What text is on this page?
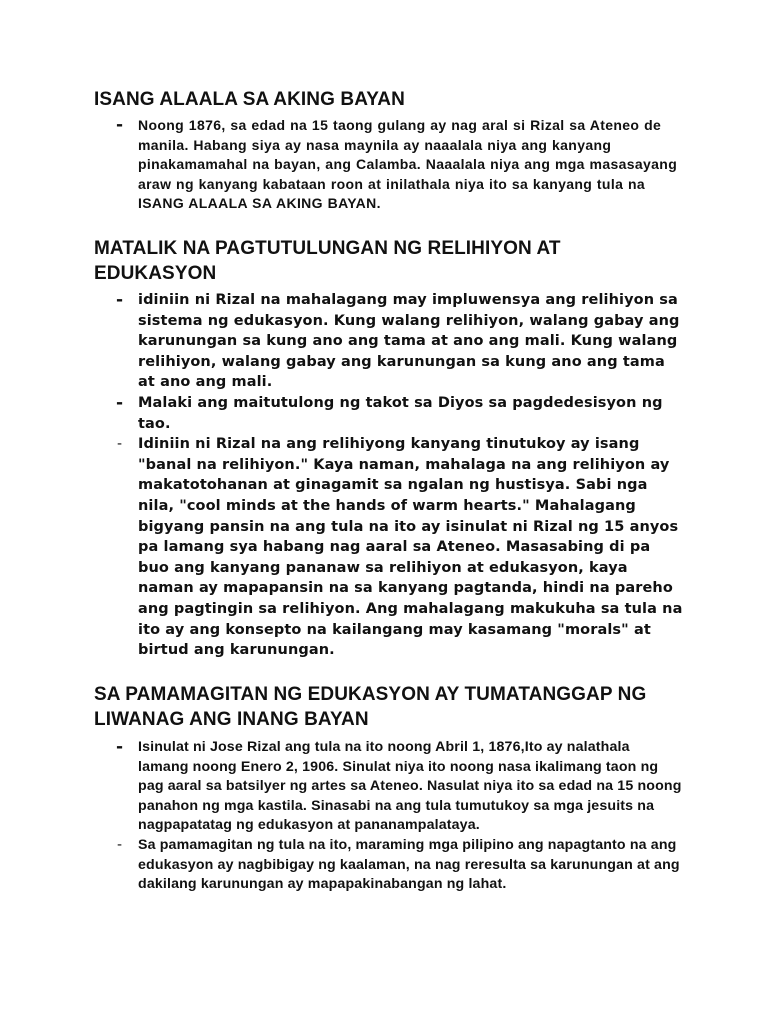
ISANG ALAALA SA AKING BAYAN
- Noong 1876, sa edad na 15 taong gulang ay nag aral si Rizal sa Ateneo de manila. Habang siya ay nasa maynila ay naaalala niya ang kanyang pinakamamahal na bayan, ang Calamba. Naaalala niya ang mga masasayang araw ng kanyang kabataan roon at inilathala niya ito sa kanyang tula na ISANG ALAALA SA AKING BAYAN.
MATALIK NA PAGTUTULUNGAN NG RELIHIYON AT EDUKASYON
- idiniin ni Rizal na mahalagang may impluwensya ang relihiyon sa sistema ng edukasyon. Kung walang relihiyon, walang gabay ang karunungan sa kung ano ang tama at ano ang mali. Kung walang relihiyon, walang gabay ang karunungan sa kung ano ang tama at ano ang mali.
- Malaki ang maitutulong ng takot sa Diyos sa pagdedesisyon ng tao.
- Idiniin ni Rizal na ang relihiyong kanyang tinutukoy ay isang "banal na relihiyon." Kaya naman, mahalaga na ang relihiyon ay makatotohanan at ginagamit sa ngalan ng hustisya. Sabi nga nila, "cool minds at the hands of warm hearts." Mahalagang bigyang pansin na ang tula na ito ay isinulat ni Rizal ng 15 anyos pa lamang sya habang nag aaral sa Ateneo. Masasabing di pa buo ang kanyang pananaw sa relihiyon at edukasyon, kaya naman ay mapapansin na sa kanyang pagtanda, hindi na pareho ang pagtingin sa relihiyon. Ang mahalagang makukuha sa tula na ito ay ang konsepto na kailangang may kasamang "morals" at birtud ang karunungan.
SA PAMAMAGITAN NG EDUKASYON AY TUMATANGGAP NG LIWANAG ANG INANG BAYAN
- Isinulat ni Jose Rizal ang tula na ito noong Abril 1, 1876,Ito ay nalathala lamang noong Enero 2, 1906. Sinulat niya ito noong nasa ikalimang taon ng pag aaral sa batsilyer ng artes sa Ateneo. Nasulat niya ito sa edad na 15 noong panahon ng mga kastila. Sinasabi na ang tula tumutukoy sa mga jesuits na nagpapatatag ng edukasyon at pananampalataya.
- Sa pamamagitan ng tula na ito, maraming mga pilipino ang napagtanto na ang edukasyon ay nagbibigay ng kaalaman, na nag reresulta sa karunungan at ang dakilang karunungan ay mapapakinabangan ng lahat.
